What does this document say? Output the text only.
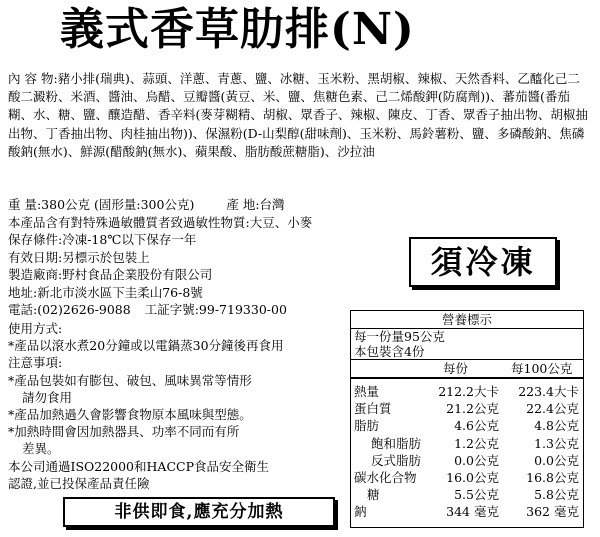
義式香草肋排(N)
內 容 物:豬小排(瑞典)、蒜頭、洋蔥、青蔥、鹽、冰糖、玉米粉、黑胡椒、辣椒、天然香料、乙醯化己二酸二澱粉、米酒、醬油、烏醋、豆瓣醬(黃豆、米、鹽、焦糖色素、己二烯酸鉀(防腐劑))、蕃茄醬(番茄糊、水、糖、鹽、釀造醋、香辛料(麥芽糊精、胡椒、眾香子、辣椒、陳皮、丁香、眾香子抽出物、胡椒抽出物、丁香抽出物、肉桂抽出物))、保濕粉(D-山梨醇(甜味劑)、玉米粉、馬鈴薯粉、鹽、多磷酸鈉、焦磷酸鈉(無水)、鮮源(醋酸鈉(無水)、蘋果酸、脂肪酸蔗糖脂)、沙拉油
重 量:380公克 (固形量:300公克)	產 地:台灣
本產品含有對特殊過敏體質者致過敏性物質:大豆、小麥
保存條件:冷凍-18℃以下保存一年
有效日期:另標示於包裝上
製造廠商:野村食品企業股份有限公司
地址:新北市淡水區下圭柔山76-8號
電話:(02)2626-9088 工証字號:99-719330-00
使用方式:
*產品以滾水煮20分鐘或以電鍋蒸30分鐘後再食用
注意事項:
*產品包裝如有膨包、破包、風味異常等情形
請勿食用
*產品加熱過久會影響食物原本風味與型態。
*加熱時間會因加熱器具、功率不同而有所
差異。
本公司通過ISO22000和HACCP食品安全衛生
認證,並已投保產品責任險
須冷凍
非供即食,應充分加熱
營養標示
每一份量95公克
本包裝含4份
每份	每100公克
熱量	212.2大卡 223.4大卡
蛋白質	21.2公克 22.4公克
脂肪	4.6公克	4.8公克
飽和脂肪	1.2公克	1.3公克
反式脂肪	0.0公克	0.0公克
碳水化合物 16.0公克 16.8公克
糖	5.5公克	5.8公克
鈉	344 毫克 362 毫克
